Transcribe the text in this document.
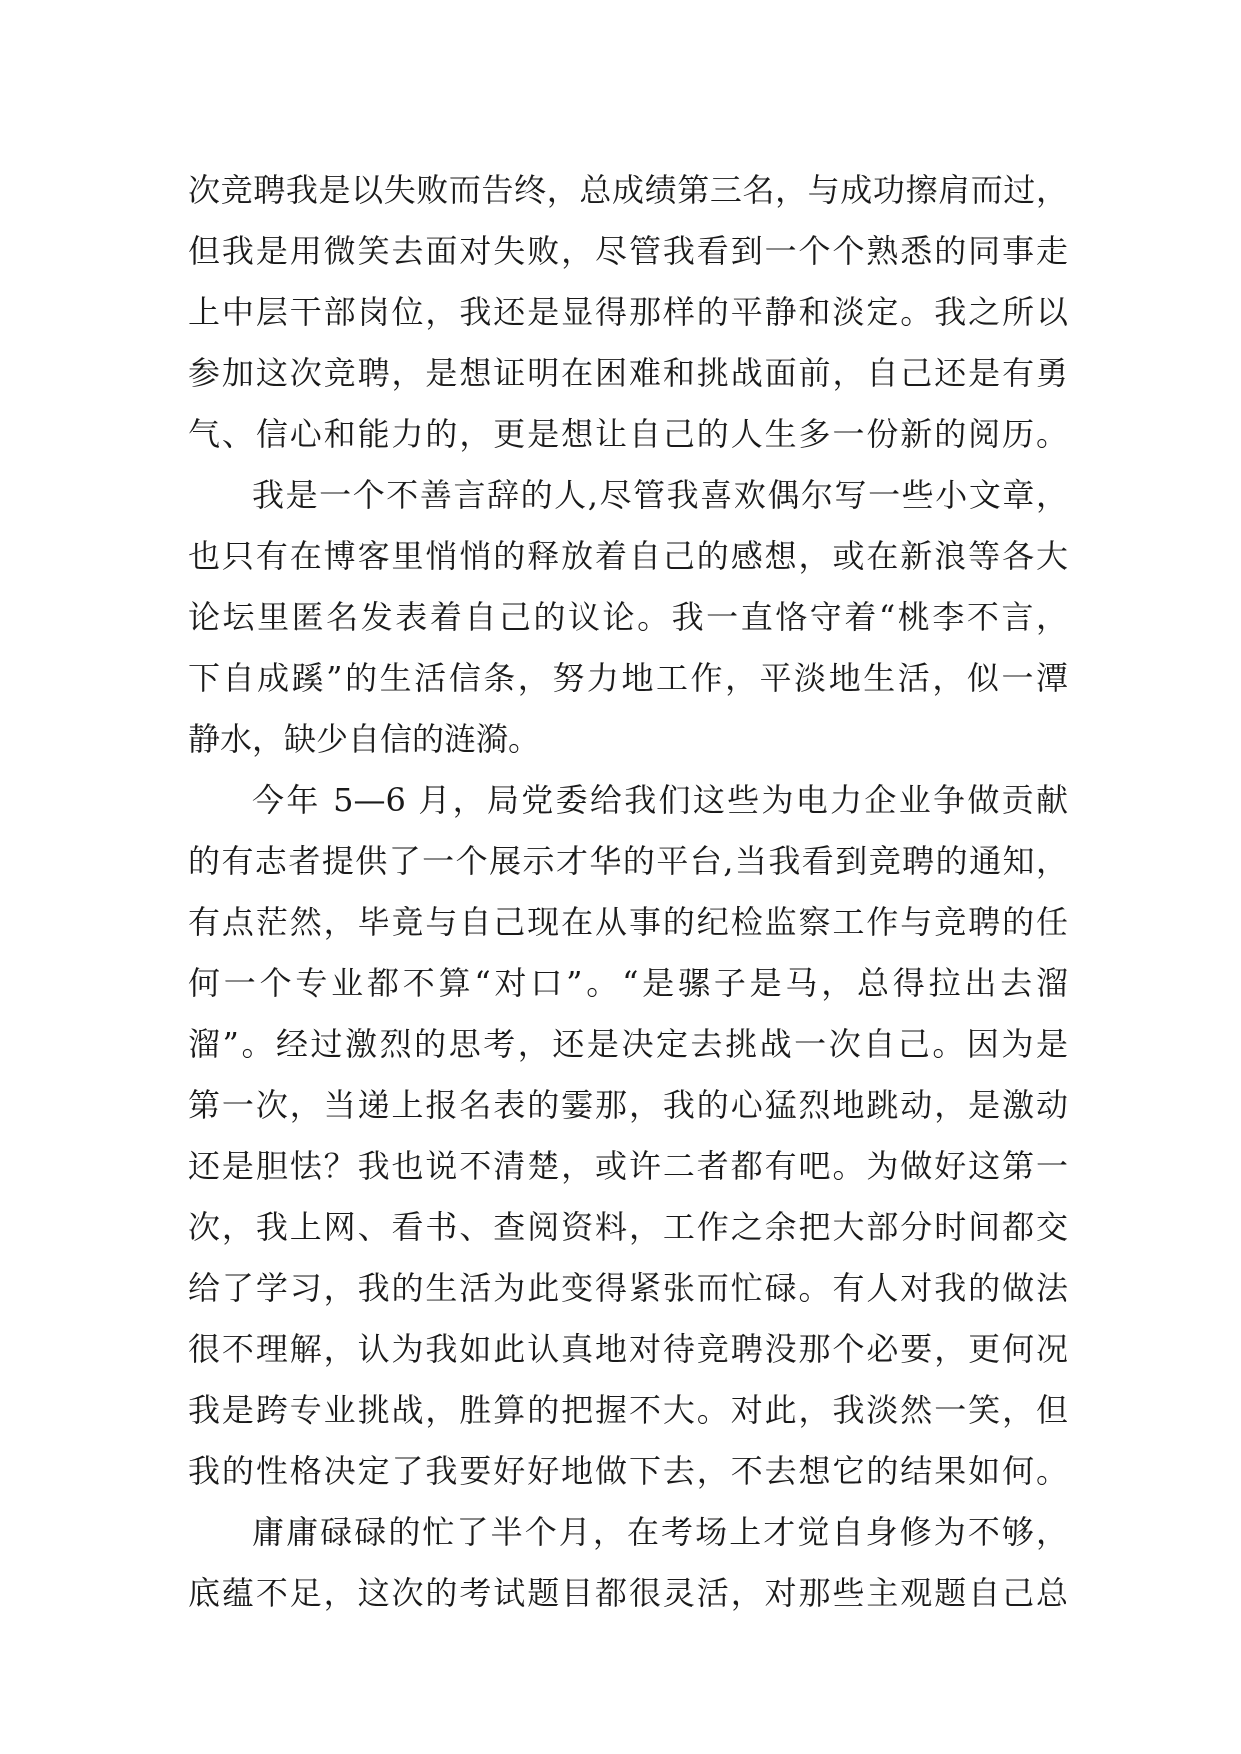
次竞聘我是以失败而告终，总成绩第三名，与成功擦肩而过，
但我是用微笑去面对失败，尽管我看到一个个熟悉的同事走
上中层干部岗位，我还是显得那样的平静和淡定。我之所以
参加这次竞聘，是想证明在困难和挑战面前，自己还是有勇
气、信心和能力的，更是想让自己的人生多一份新的阅历。
我是一个不善言辞的人,尽管我喜欢偶尔写一些小文章，
也只有在博客里悄悄的释放着自己的感想，或在新浪等各大
论坛里匿名发表着自己的议论。我一直恪守着“桃李不言，
下自成蹊”的生活信条，努力地工作，平淡地生活，似一潭
静水，缺少自信的涟漪。
今年 5—6 月，局党委给我们这些为电力企业争做贡献
的有志者提供了一个展示才华的平台,当我看到竞聘的通知，
有点茫然，毕竟与自己现在从事的纪检监察工作与竞聘的任
何一个专业都不算“对口”。“是骡子是马，总得拉出去溜
溜”。经过激烈的思考，还是决定去挑战一次自己。因为是
第一次，当递上报名表的霎那，我的心猛烈地跳动，是激动
还是胆怯？我也说不清楚，或许二者都有吧。为做好这第一
次，我上网、看书、查阅资料，工作之余把大部分时间都交
给了学习，我的生活为此变得紧张而忙碌。有人对我的做法
很不理解，认为我如此认真地对待竞聘没那个必要，更何况
我是跨专业挑战，胜算的把握不大。对此，我淡然一笑，但
我的性格决定了我要好好地做下去，不去想它的结果如何。
庸庸碌碌的忙了半个月，在考场上才觉自身修为不够，
底蕴不足，这次的考试题目都很灵活，对那些主观题自己总
